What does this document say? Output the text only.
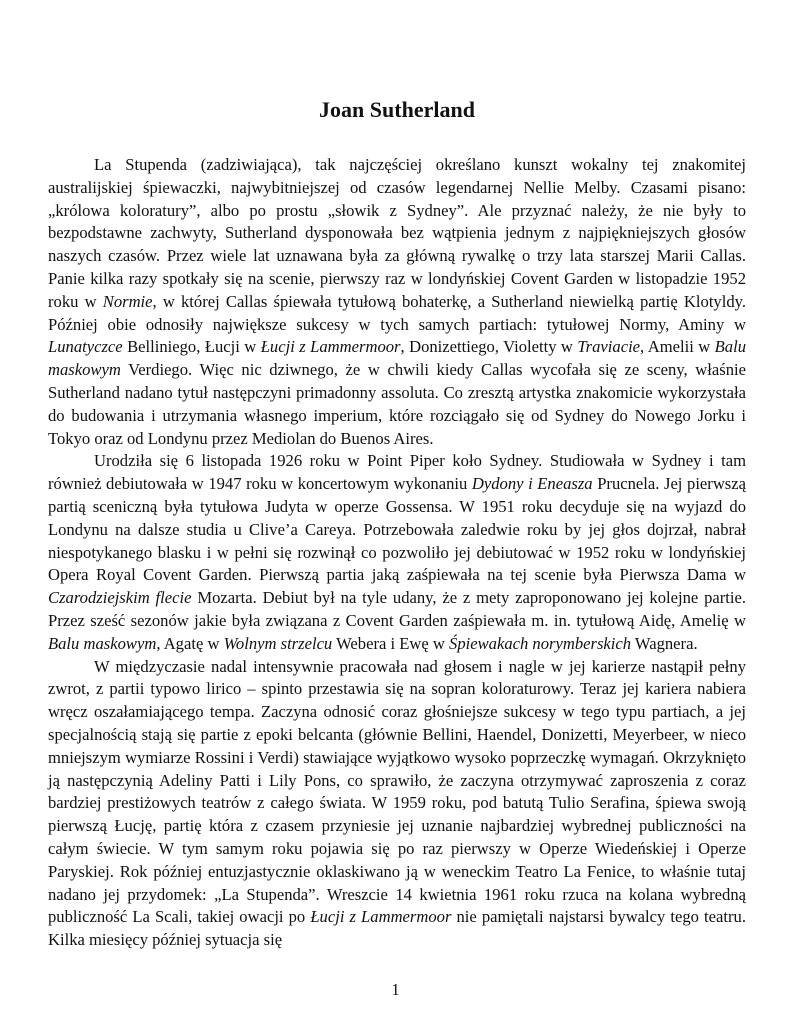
Joan Sutherland

La Stupenda (zadziwiająca), tak najczęściej określano kunszt wokalny tej znakomitej australijskiej śpiewaczki, najwybitniejszej od czasów legendarnej Nellie Melby. Czasami pisano: „królowa koloratury”, albo po prostu „słowik z Sydney”. Ale przyznać należy, że nie były to bezpodstawne zachwyty, Sutherland dysponowała bez wątpienia jednym z najpiękniejszych głosów naszych czasów. Przez wiele lat uznawana była za główną rywalkę o trzy lata starszej Marii Callas. Panie kilka razy spotkały się na scenie, pierwszy raz w londyńskiej Covent Garden w listopadzie 1952 roku w Normie, w której Callas śpiewała tytułową bohaterkę, a Sutherland niewielką partię Klotyldy. Później obie odnosiły największe sukcesy w tych samych partiach: tytułowej Normy, Aminy w Lunatyczce Belliniego, Łucji w Łucji z Lammermoor, Donizettiego, Violetty w Traviacie, Amelii w Balu maskowym Verdiego. Więc nic dziwnego, że w chwili kiedy Callas wycofała się ze sceny, właśnie Sutherland nadano tytuł następczyni primadonny assoluta. Co zresztą artystka znakomicie wykorzystała do budowania i utrzymania własnego imperium, które rozciągało się od Sydney do Nowego Jorku i Tokyo oraz od Londynu przez Mediolan do Buenos Aires.

Urodziła się 6 listopada 1926 roku w Point Piper koło Sydney. Studiowała w Sydney i tam również debiutowała w 1947 roku w koncertowym wykonaniu Dydony i Eneasza Prucnela. Jej pierwszą partią sceniczną była tytułowa Judyta w operze Gossensa. W 1951 roku decyduje się na wyjazd do Londynu na dalsze studia u Clive’a Careya. Potrzebowała zaledwie roku by jej głos dojrzał, nabrał niespotykanego blasku i w pełni się rozwinął co pozwoliło jej debiutować w 1952 roku w londyńskiej Opera Royal Covent Garden. Pierwszą partia jaką zaśpiewała na tej scenie była Pierwsza Dama w Czarodziejskim flecie Mozarta. Debiut był na tyle udany, że z mety zaproponowano jej kolejne partie. Przez sześć sezonów jakie była związana z Covent Garden zaśpiewała m. in. tytułową Aidę, Amelię w Balu maskowym, Agatę w Wolnym strzelcu Webera i Ewę w Śpiewakach norymberskich Wagnera.

W międzyczasie nadal intensywnie pracowała nad głosem i nagle w jej karierze nastąpił pełny zwrot, z partii typowo lirico – spinto przestawia się na sopran koloraturowy. Teraz jej kariera nabiera wręcz oszałamiającego tempa. Zaczyna odnosić coraz głośniejsze sukcesy w tego typu partiach, a jej specjalnością stają się partie z epoki belcanta (głównie Bellini, Haendel, Donizetti, Meyerbeer, w nieco mniejszym wymiarze Rossini i Verdi) stawiające wyjątkowo wysoko poprzeczkę wymagań. Okrzyknięto ją następczynią Adeliny Patti i Lily Pons, co sprawiło, że zaczyna otrzymywać zaproszenia z coraz bardziej prestiżowych teatrów z całego świata. W 1959 roku, pod batutą Tulio Serafina, śpiewa swoją pierwszą Łucję, partię która z czasem przyniesie jej uznanie najbardziej wybrednej publiczności na całym świecie. W tym samym roku pojawia się po raz pierwszy w Operze Wiedeńskiej i Operze Paryskiej. Rok później entuzjastycznie oklaskiwano ją w weneckim Teatro La Fenice, to właśnie tutaj nadano jej przydomek: „La Stupenda”. Wreszcie 14 kwietnia 1961 roku rzuca na kolana wybredną publiczność La Scali, takiej owacji po Łucji z Lammermoor nie pamiętali najstarsi bywalcy tego teatru. Kilka miesięcy później sytuacja się

1
